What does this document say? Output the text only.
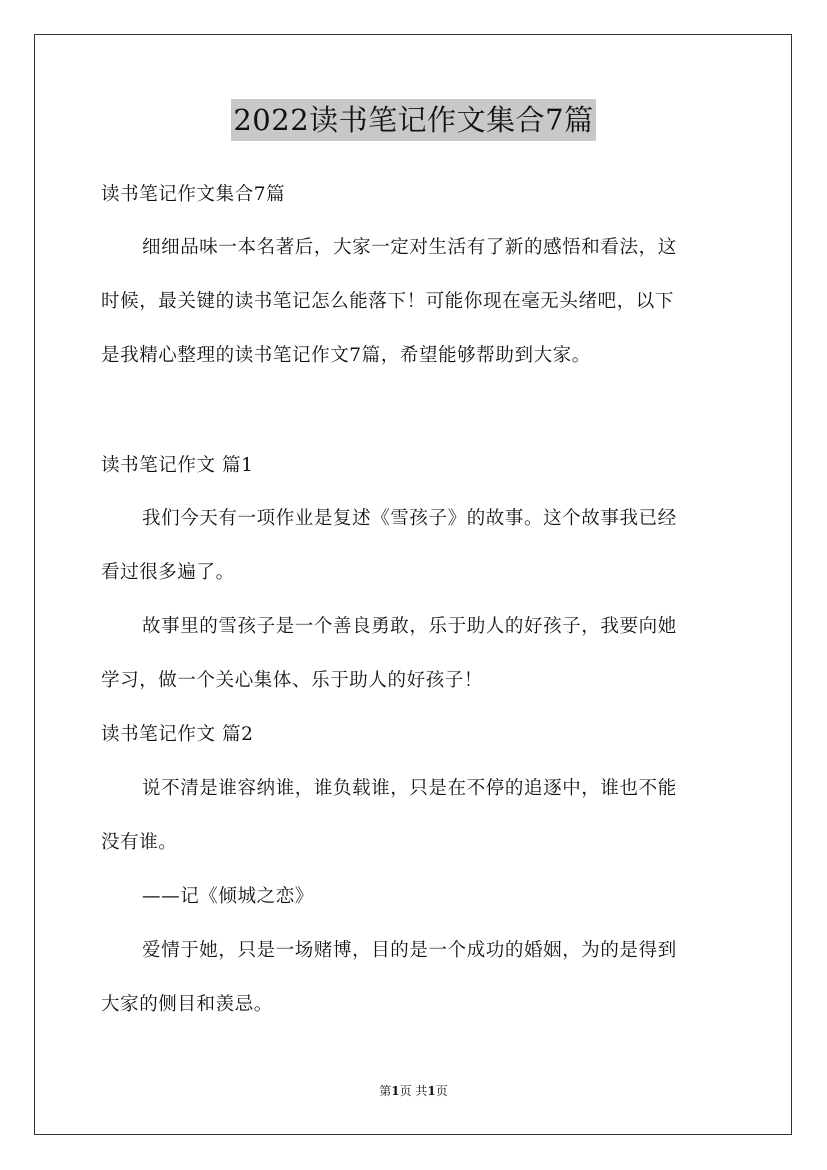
2022读书笔记作文集合7篇
读书笔记作文集合7篇
细细品味一本名著后，大家一定对生活有了新的感悟和看法，这
时候，最关键的读书笔记怎么能落下！可能你现在毫无头绪吧，以下
是我精心整理的读书笔记作文7篇，希望能够帮助到大家。
读书笔记作文 篇1
我们今天有一项作业是复述《雪孩子》的故事。这个故事我已经
看过很多遍了。
故事里的雪孩子是一个善良勇敢，乐于助人的好孩子，我要向她
学习，做一个关心集体、乐于助人的好孩子！
读书笔记作文 篇2
说不清是谁容纳谁，谁负载谁，只是在不停的追逐中，谁也不能
没有谁。
——记《倾城之恋》
爱情于她，只是一场赌博，目的是一个成功的婚姻，为的是得到
大家的侧目和羡忌。
第1页 共1页
